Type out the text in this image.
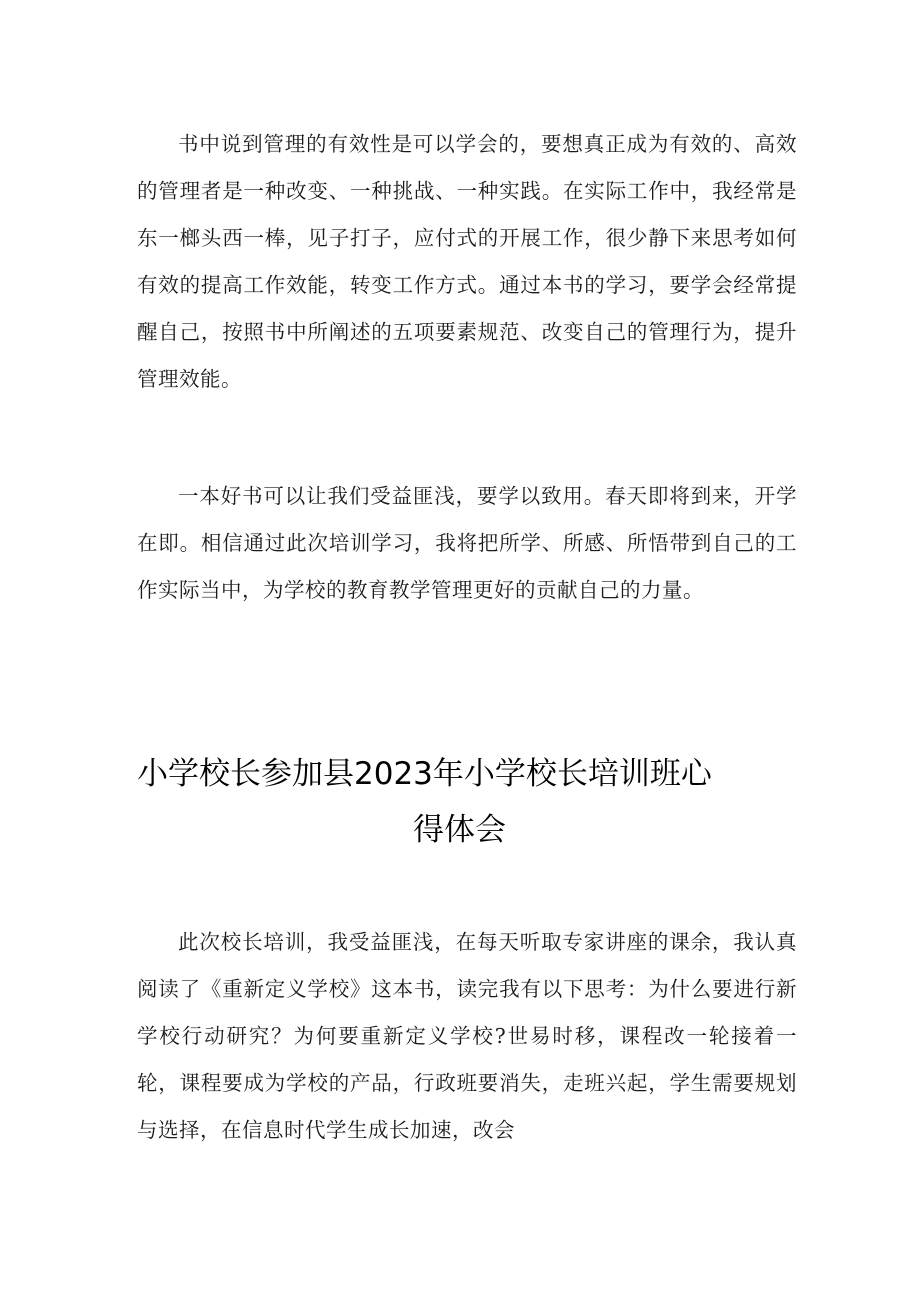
书中说到管理的有效性是可以学会的，要想真正成为有效的、高效的管理者是一种改变、一种挑战、一种实践。在实际工作中，我经常是东一榔头西一棒，见子打子，应付式的开展工作，很少静下来思考如何有效的提高工作效能，转变工作方式。通过本书的学习，要学会经常提醒自己，按照书中所阐述的五项要素规范、改变自己的管理行为，提升管理效能。

一本好书可以让我们受益匪浅，要学以致用。春天即将到来，开学在即。相信通过此次培训学习，我将把所学、所感、所悟带到自己的工作实际当中，为学校的教育教学管理更好的贡献自己的力量。

小学校长参加县2023年小学校长培训班心
得体会

此次校长培训，我受益匪浅，在每天听取专家讲座的课余，我认真阅读了《重新定义学校》这本书，读完我有以下思考：为什么要进行新学校行动研究？为何要重新定义学校?世易时移，课程改一轮接着一轮，课程要成为学校的产品，行政班要消失，走班兴起，学生需要规划与选择，在信息时代学生成长加速，改会
